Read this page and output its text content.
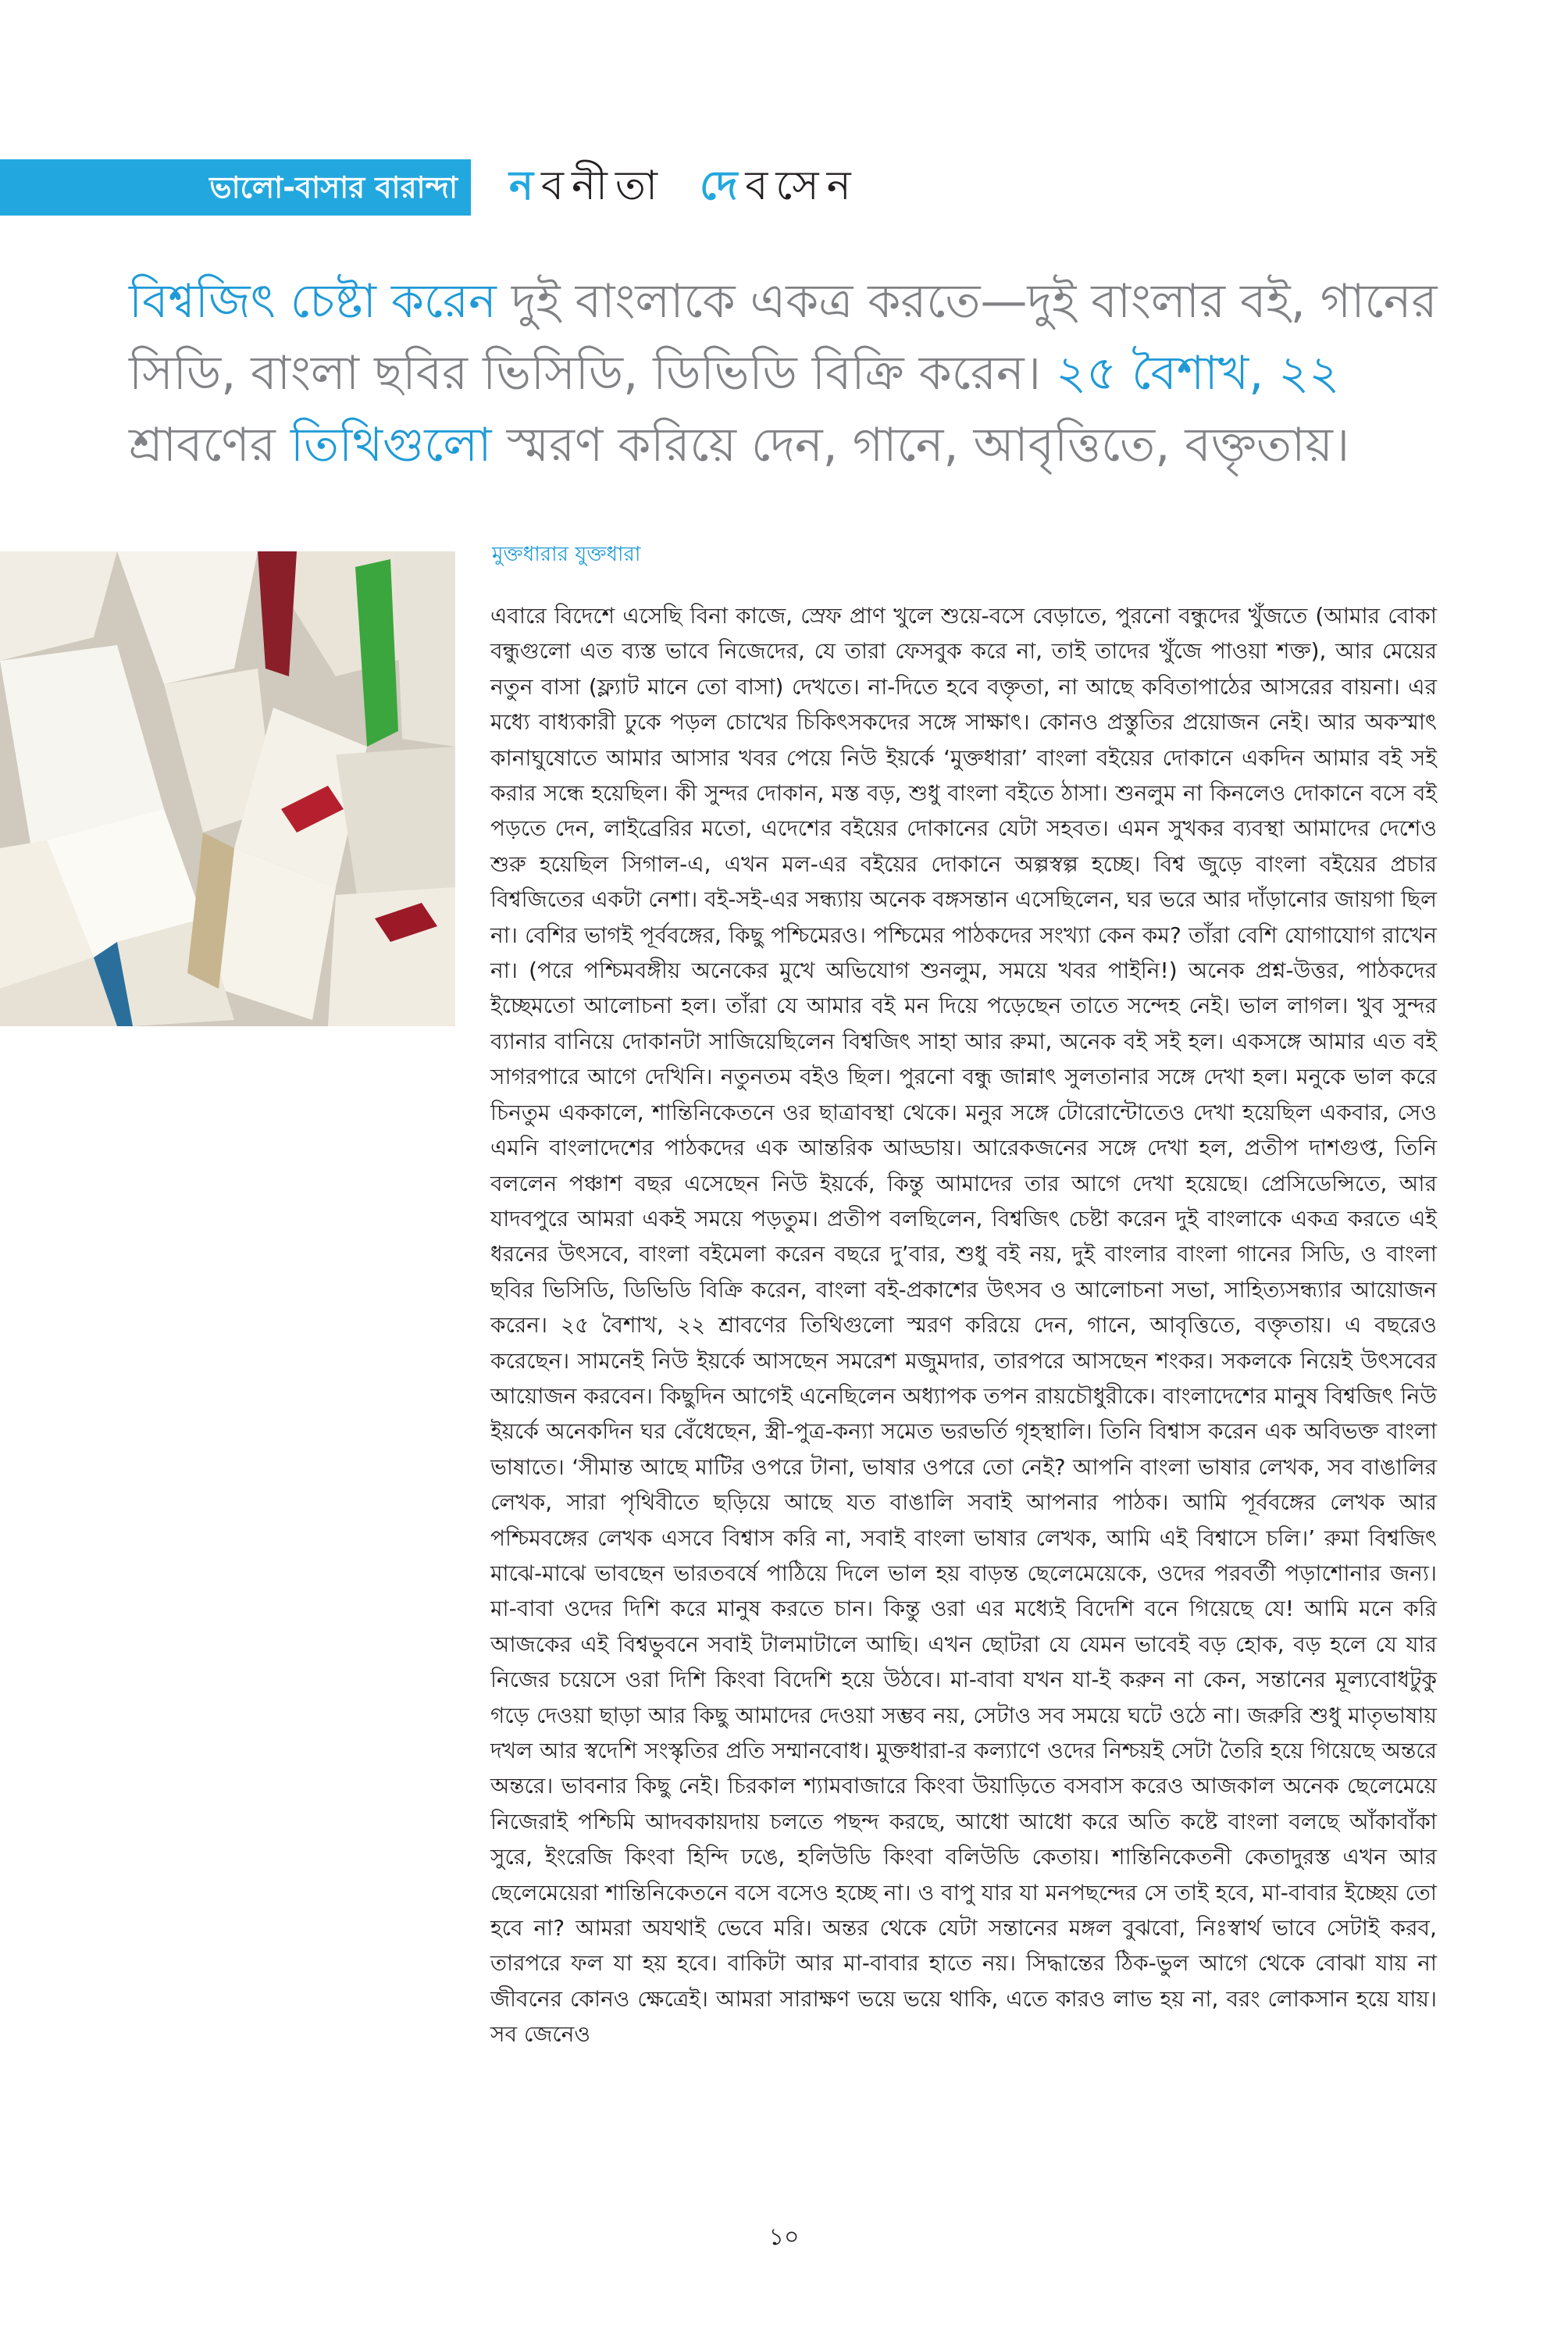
ভালো-বাসার বারান্দা নবনীতা দেবসেন

বিশ্বজিৎ চেষ্টা করেন দুই বাংলাকে একত্র করতে—দুই বাংলার বই, গানের সিডি, বাংলা ছবির ভিসিডি, ডিভিডি বিক্রি করেন। ২৫ বৈশাখ, ২২ শ্রাবণের তিথিগুলো স্মরণ করিয়ে দেন, গানে, আবৃত্তিতে, বক্তৃতায়।

মুক্তধারার যুক্তধারা

এবারে বিদেশে এসেছি বিনা কাজে, স্রেফ প্রাণ খুলে শুয়ে-বসে বেড়াতে, পুরনো বন্ধুদের খুঁজতে (আমার বোকা বন্ধুগুলো এত ব্যস্ত ভাবে নিজেদের, যে তারা ফেসবুক করে না, তাই তাদের খুঁজে পাওয়া শক্ত), আর মেয়ের নতুন বাসা (ফ্ল্যাট মানে তো বাসা) দেখতে। না-দিতে হবে বক্তৃতা, না আছে কবিতাপাঠের আসরের বায়না। এর মধ্যে বাধ্যকারী ঢুকে পড়ল চোখের চিকিৎসকদের সঙ্গে সাক্ষাৎ। কোনও প্রস্তুতির প্রয়োজন নেই। আর অকস্মাৎ কানাঘুষোতে আমার আসার খবর পেয়ে নিউ ইয়র্কে ‘মুক্তধারা’ বাংলা বইয়ের দোকানে একদিন আমার বই সই করার সন্ধে হয়েছিল। কী সুন্দর দোকান, মস্ত বড়, শুধু বাংলা বইতে ঠাসা। শুনলুম না কিনলেও দোকানে বসে বই পড়তে দেন, লাইব্রেরির মতো, এদেশের বইয়ের দোকানের যেটা সহবত। এমন সুখকর ব্যবস্থা আমাদের দেশেও শুরু হয়েছিল সিগাল-এ, এখন মল-এর বইয়ের দোকানে অল্পস্বল্প হচ্ছে। বিশ্ব জুড়ে বাংলা বইয়ের প্রচার বিশ্বজিতের একটা নেশা। বই-সই-এর সন্ধ্যায় অনেক বঙ্গসন্তান এসেছিলেন, ঘর ভরে আর দাঁড়ানোর জায়গা ছিল না। বেশির ভাগই পূর্ববঙ্গের, কিছু পশ্চিমেরও। পশ্চিমের পাঠকদের সংখ্যা কেন কম? তাঁরা বেশি যোগাযোগ রাখেন না। (পরে পশ্চিমবঙ্গীয় অনেকের মুখে অভিযোগ শুনলুম, সময়ে খবর পাইনি!) অনেক প্রশ্ন-উত্তর, পাঠকদের ইচ্ছেমতো আলোচনা হল। তাঁরা যে আমার বই মন দিয়ে পড়েছেন তাতে সন্দেহ নেই। ভাল লাগল। খুব সুন্দর ব্যানার বানিয়ে দোকানটা সাজিয়েছিলেন বিশ্বজিৎ সাহা আর রুমা, অনেক বই সই হল। একসঙ্গে আমার এত বই সাগরপারে আগে দেখিনি। নতুনতম বইও ছিল। পুরনো বন্ধু জান্নাৎ সুলতানার সঙ্গে দেখা হল। মনুকে ভাল করে চিনতুম এককালে, শান্তিনিকেতনে ওর ছাত্রাবস্থা থেকে। মনুর সঙ্গে টোরোন্টোতেও দেখা হয়েছিল একবার, সেও এমনি বাংলাদেশের পাঠকদের এক আন্তরিক আড্ডায়। আরেকজনের সঙ্গে দেখা হল, প্রতীপ দাশগুপ্ত, তিনি বললেন পঞ্চাশ বছর এসেছেন নিউ ইয়র্কে, কিন্তু আমাদের তার আগে দেখা হয়েছে। প্রেসিডেন্সিতে, আর যাদবপুরে আমরা একই সময়ে পড়তুম। প্রতীপ বলছিলেন, বিশ্বজিৎ চেষ্টা করেন দুই বাংলাকে একত্র করতে এই ধরনের উৎসবে, বাংলা বইমেলা করেন বছরে দু’বার, শুধু বই নয়, দুই বাংলার বাংলা গানের সিডি, ও বাংলা ছবির ভিসিডি, ডিভিডি বিক্রি করেন, বাংলা বই-প্রকাশের উৎসব ও আলোচনা সভা, সাহিত্যসন্ধ্যার আয়োজন করেন। ২৫ বৈশাখ, ২২ শ্রাবণের তিথিগুলো স্মরণ করিয়ে দেন, গানে, আবৃত্তিতে, বক্তৃতায়। এ বছরেও করেছেন। সামনেই নিউ ইয়র্কে আসছেন সমরেশ মজুমদার, তারপরে আসছেন শংকর। সকলকে নিয়েই উৎসবের আয়োজন করবেন। কিছুদিন আগেই এনেছিলেন অধ্যাপক তপন রায়চৌধুরীকে। বাংলাদেশের মানুষ বিশ্বজিৎ নিউ ইয়র্কে অনেকদিন ঘর বেঁধেছেন, স্ত্রী-পুত্র-কন্যা সমেত ভরভর্তি গৃহস্থালি। তিনি বিশ্বাস করেন এক অবিভক্ত বাংলা ভাষাতে। ‘সীমান্ত আছে মাটির ওপরে টানা, ভাষার ওপরে তো নেই? আপনি বাংলা ভাষার লেখক, সব বাঙালির লেখক, সারা পৃথিবীতে ছড়িয়ে আছে যত বাঙালি সবাই আপনার পাঠক। আমি পূর্ববঙ্গের লেখক আর পশ্চিমবঙ্গের লেখক এসবে বিশ্বাস করি না, সবাই বাংলা ভাষার লেখক, আমি এই বিশ্বাসে চলি।’ রুমা বিশ্বজিৎ মাঝে-মাঝে ভাবছেন ভারতবর্ষে পাঠিয়ে দিলে ভাল হয় বাড়ন্ত ছেলেমেয়েকে, ওদের পরবর্তী পড়াশোনার জন্য। মা-বাবা ওদের দিশি করে মানুষ করতে চান। কিন্তু ওরা এর মধ্যেই বিদেশি বনে গিয়েছে যে! আমি মনে করি আজকের এই বিশ্বভুবনে সবাই টালমাটালে আছি। এখন ছোটরা যে যেমন ভাবেই বড় হোক, বড় হলে যে যার নিজের চয়েসে ওরা দিশি কিংবা বিদেশি হয়ে উঠবে। মা-বাবা যখন যা-ই করুন না কেন, সন্তানের মূল্যবোধটুকু গড়ে দেওয়া ছাড়া আর কিছু আমাদের দেওয়া সম্ভব নয়, সেটাও সব সময়ে ঘটে ওঠে না। জরুরি শুধু মাতৃভাষায় দখল আর স্বদেশি সংস্কৃতির প্রতি সম্মানবোধ। মুক্তধারা-র কল্যাণে ওদের নিশ্চয়ই সেটা তৈরি হয়ে গিয়েছে অন্তরে অন্তরে। ভাবনার কিছু নেই। চিরকাল শ্যামবাজারে কিংবা উয়াড়িতে বসবাস করেও আজকাল অনেক ছেলেমেয়ে নিজেরাই পশ্চিমি আদবকায়দায় চলতে পছন্দ করছে, আধো আধো করে অতি কষ্টে বাংলা বলছে আঁকাবাঁকা সুরে, ইংরেজি কিংবা হিন্দি ঢঙে, হলিউডি কিংবা বলিউডি কেতায়। শান্তিনিকেতনী কেতাদুরস্ত এখন আর ছেলেমেয়েরা শান্তিনিকেতনে বসে বসেও হচ্ছে না। ও বাপু যার যা মনপছন্দের সে তাই হবে, মা-বাবার ইচ্ছেয় তো হবে না? আমরা অযথাই ভেবে মরি। অন্তর থেকে যেটা সন্তানের মঙ্গল বুঝবো, নিঃস্বার্থ ভাবে সেটাই করব, তারপরে ফল যা হয় হবে। বাকিটা আর মা-বাবার হাতে নয়। সিদ্ধান্তের ঠিক-ভুল আগে থেকে বোঝা যায় না জীবনের কোনও ক্ষেত্রেই। আমরা সারাক্ষণ ভয়ে ভয়ে থাকি, এতে কারও লাভ হয় না, বরং লোকসান হয়ে যায়। সব জেনেও

১০
